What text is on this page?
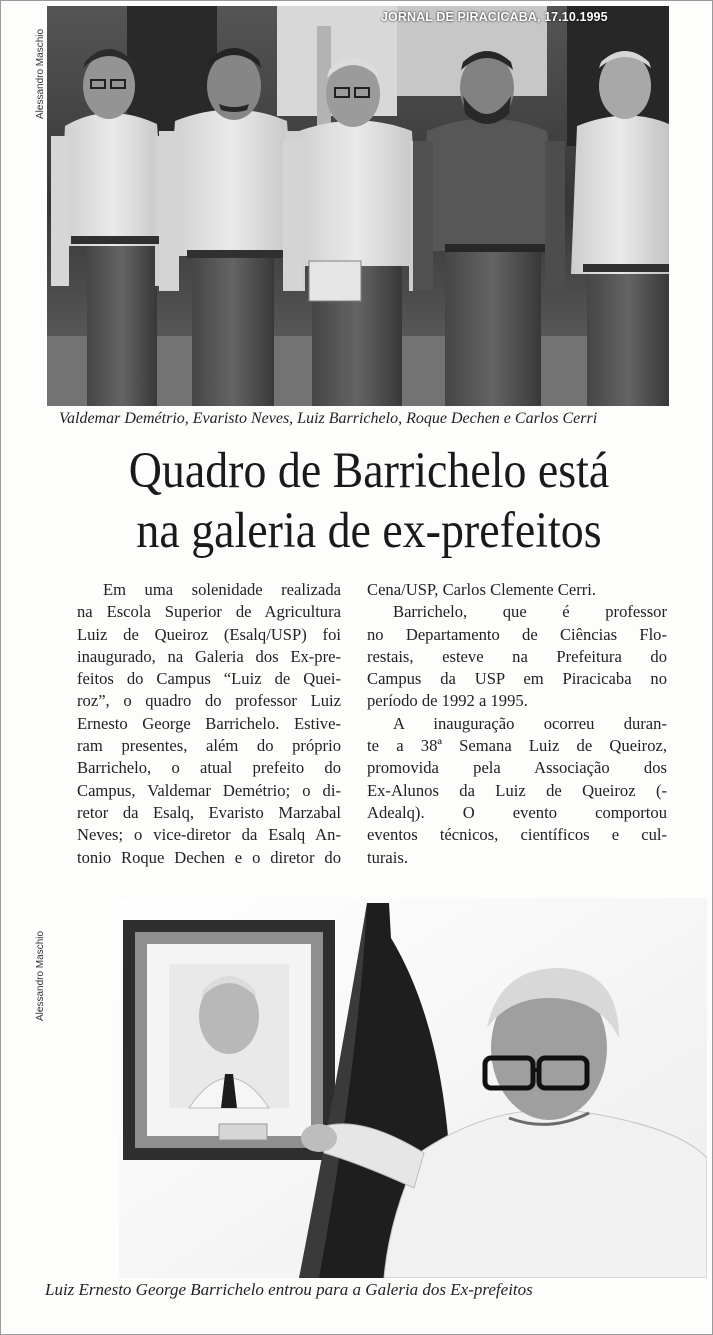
Alessandro Maschio
JORNAL DE PIRACICABA, 17.10.1995
Valdemar Demétrio, Evaristo Neves, Luiz Barrichelo, Roque Dechen e Carlos Cerri
Quadro de Barrichelo está
na galeria de ex-prefeitos
Em uma solenidade realizada
na Escola Superior de Agricultura
Luiz de Queiroz (Esalq/USP) foi
inaugurado, na Galeria dos Ex-pre-
feitos do Campus “Luiz de Quei-
roz”, o quadro do professor Luiz
Ernesto George Barrichelo. Estive-
ram presentes, além do próprio
Barrichelo, o atual prefeito do
Campus, Valdemar Demétrio; o di-
retor da Esalq, Evaristo Marzabal
Neves; o vice-diretor da Esalq An-
tonio Roque Dechen e o diretor do
Cena/USP, Carlos Clemente Cerri.
Barrichelo, que é professor
no Departamento de Ciências Flo-
restais, esteve na Prefeitura do
Campus da USP em Piracicaba no
período de 1992 a 1995.
A inauguração ocorreu duran-
te a 38ª Semana Luiz de Queiroz,
promovida pela Associação dos
Ex-Alunos da Luiz de Queiroz (-
Adealq). O evento comportou
eventos técnicos, científicos e cul-
turais.
Alessandro Maschio
Luiz Ernesto George Barrichelo entrou para a Galeria dos Ex-prefeitos
